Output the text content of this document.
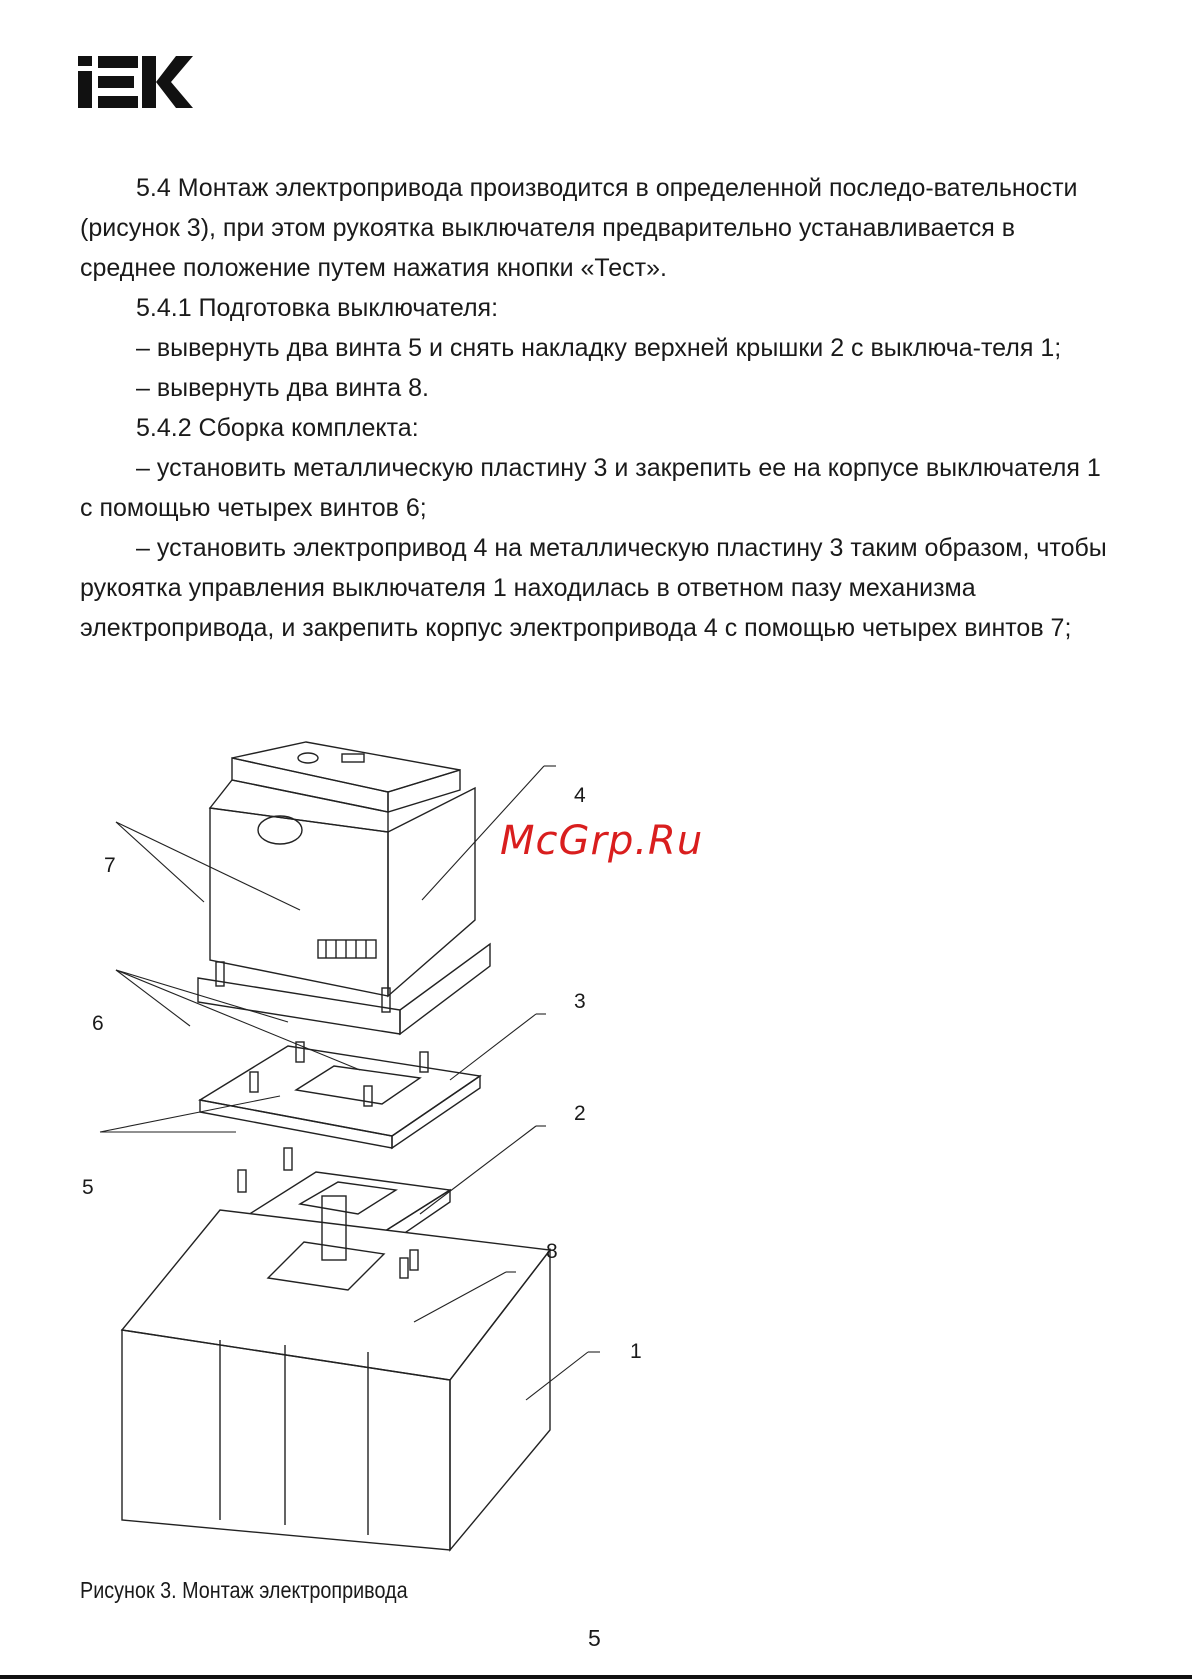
5.4 Монтаж электропривода производится в определенной последо-вательности (рисунок 3), при этом рукоятка выключателя предварительно устанавливается в среднее положение путем нажатия кнопки «Тест».

5.4.1 Подготовка выключателя:

– вывернуть два винта 5 и снять накладку верхней крышки 2 с выключа-теля 1;

– вывернуть два винта 8.

5.4.2 Сборка комплекта:

– установить металлическую пластину 3 и закрепить ее на корпусе выключателя 1 с помощью четырех винтов 6;

– установить электропривод 4 на металлическую пластину 3 таким образом, чтобы рукоятка управления выключателя 1 находилась в ответном пазу механизма электропривода, и закрепить корпус электропривода 4 с помощью четырех винтов 7;

4
7
3
6
2
5
8
1
McGrp.Ru
Рисунок 3. Монтаж электропривода
5
